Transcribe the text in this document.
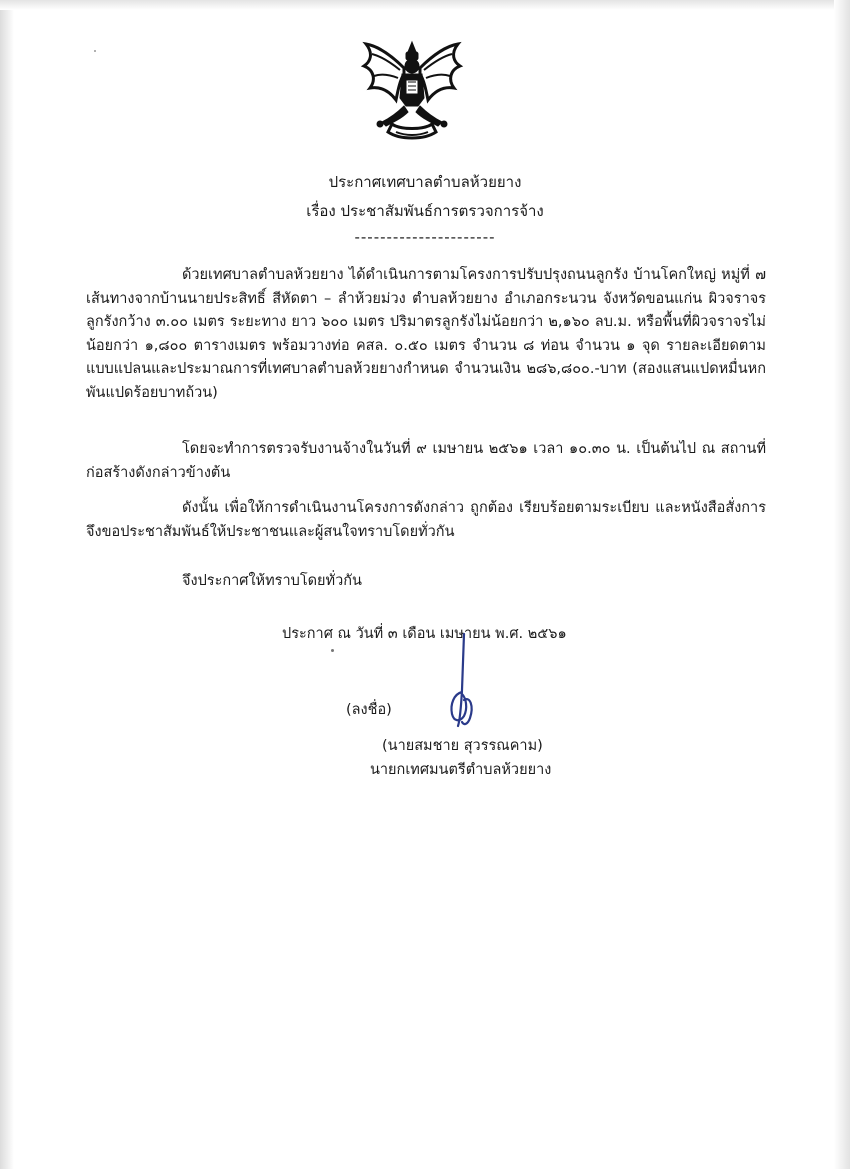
ประกาศเทศบาลตำบลห้วยยาง
เรื่อง ประชาสัมพันธ์การตรวจการจ้าง
----------------------
ด้วยเทศบาลตำบลห้วยยาง ได้ดำเนินการตามโครงการปรับปรุงถนนลูกรัง บ้านโคกใหญ่ หมู่ที่ ๗ เส้นทางจากบ้านนายประสิทธิ์ สีหัดตา – ลำห้วยม่วง ตำบลห้วยยาง อำเภอกระนวน จังหวัดขอนแก่น ผิวจราจรลูกรังกว้าง ๓.๐๐ เมตร ระยะทาง ยาว ๖๐๐ เมตร ปริมาตรลูกรังไม่น้อยกว่า ๒,๑๖๐ ลบ.ม. หรือพื้นที่ผิวจราจรไม่น้อยกว่า ๑,๘๐๐ ตารางเมตร พร้อมวางท่อ คสล. ๐.๕๐ เมตร จำนวน ๘ ท่อน จำนวน ๑ จุด รายละเอียดตามแบบแปลนและประมาณการที่เทศบาลตำบลห้วยยางกำหนด จำนวนเงิน ๒๘๖,๘๐๐.-บาท (สองแสนแปดหมื่นหกพันแปดร้อยบาทถ้วน)
โดยจะทำการตรวจรับงานจ้างในวันที่ ๙ เมษายน ๒๕๖๑ เวลา ๑๐.๓๐ น. เป็นต้นไป ณ สถานที่ก่อสร้างดังกล่าวข้างต้น
ดังนั้น เพื่อให้การดำเนินงานโครงการดังกล่าว ถูกต้อง เรียบร้อยตามระเบียบ และหนังสือสั่งการจึงขอประชาสัมพันธ์ให้ประชาชนและผู้สนใจทราบโดยทั่วกัน
จึงประกาศให้ทราบโดยทั่วกัน
ประกาศ ณ วันที่ ๓ เดือน เมษายน พ.ศ. ๒๕๖๑
(ลงชื่อ)
(นายสมชาย สุวรรณคาม)
นายกเทศมนตรีตำบลห้วยยาง
